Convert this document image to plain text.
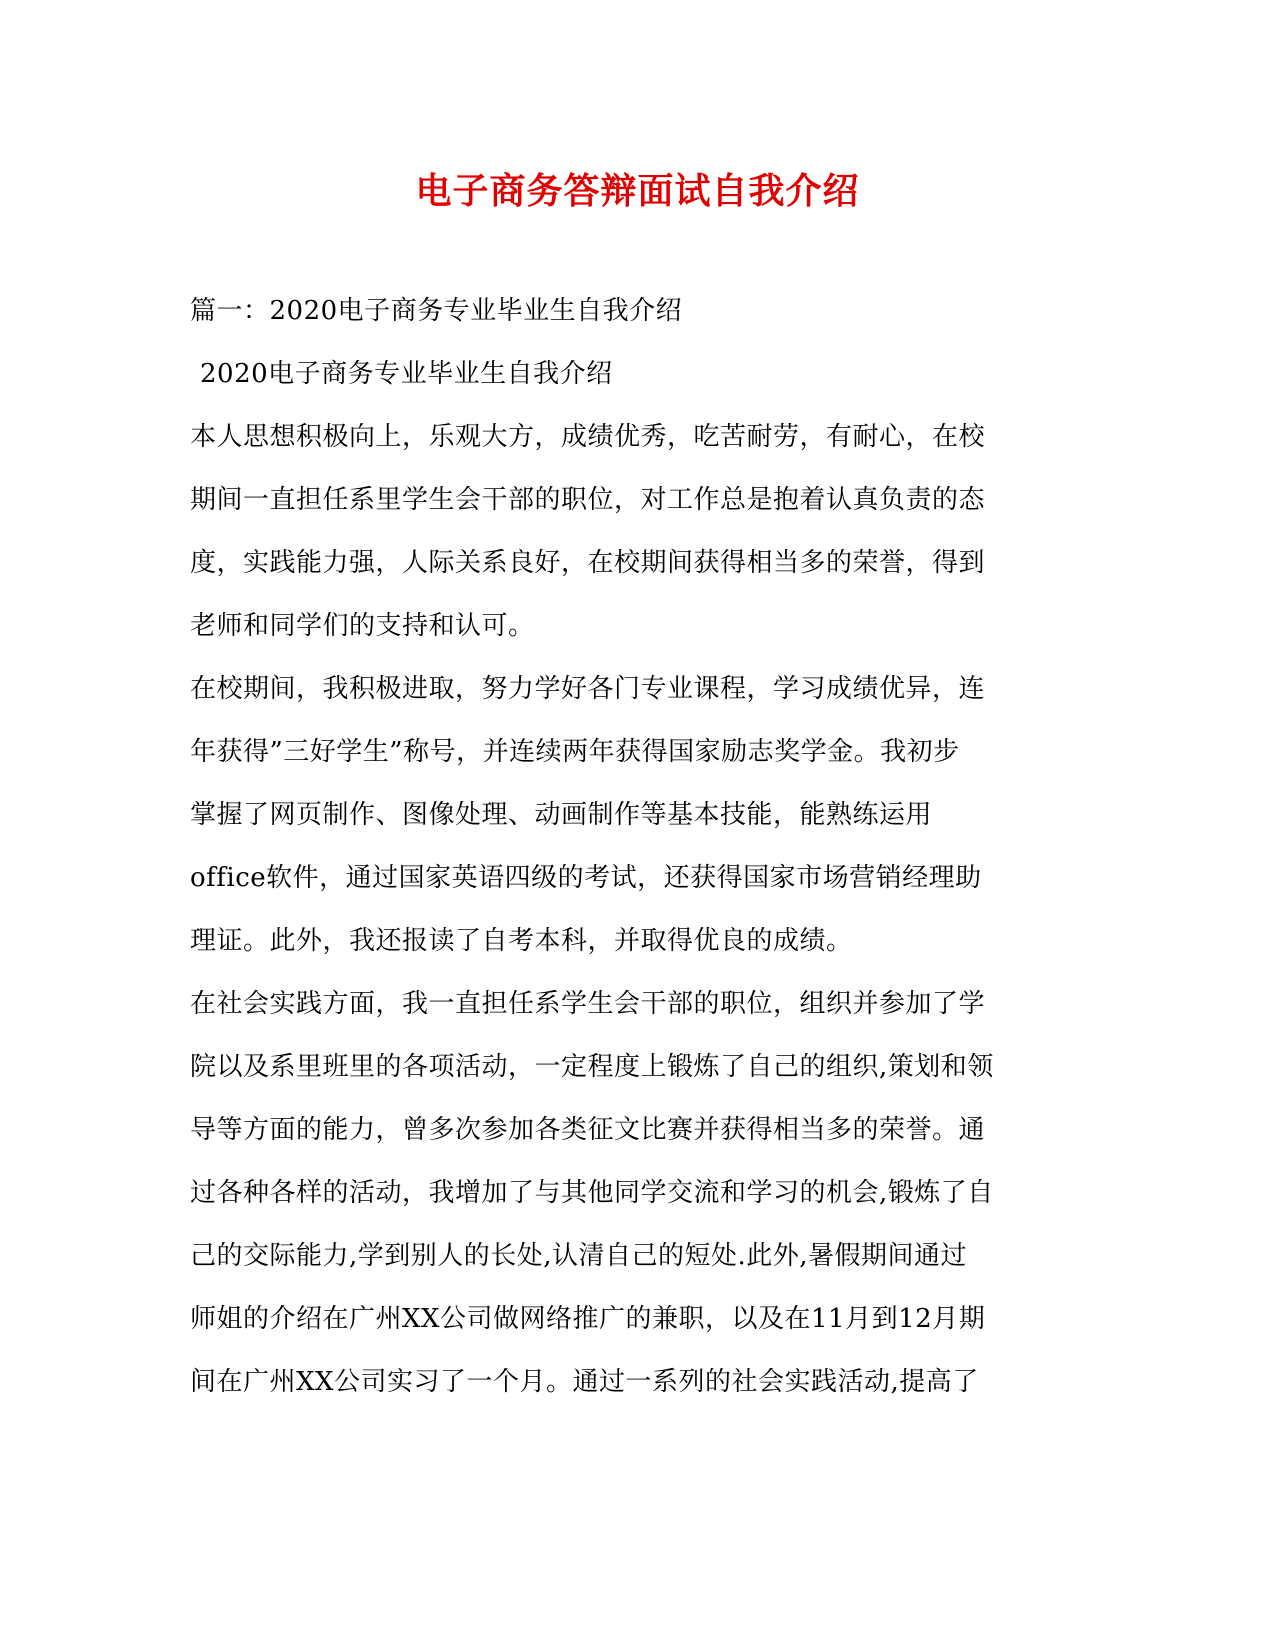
电子商务答辩面试自我介绍
篇一：2020电子商务专业毕业生自我介绍
2020电子商务专业毕业生自我介绍
本人思想积极向上，乐观大方，成绩优秀，吃苦耐劳，有耐心，在校
期间一直担任系里学生会干部的职位，对工作总是抱着认真负责的态
度，实践能力强，人际关系良好，在校期间获得相当多的荣誉，得到
老师和同学们的支持和认可。
在校期间，我积极进取，努力学好各门专业课程，学习成绩优异，连
年获得”三好学生”称号，并连续两年获得国家励志奖学金。我初步
掌握了网页制作、图像处理、动画制作等基本技能，能熟练运用
office软件，通过国家英语四级的考试，还获得国家市场营销经理助
理证。此外，我还报读了自考本科，并取得优良的成绩。
在社会实践方面，我一直担任系学生会干部的职位，组织并参加了学
院以及系里班里的各项活动，一定程度上锻炼了自己的组织,策划和领
导等方面的能力，曾多次参加各类征文比赛并获得相当多的荣誉。通
过各种各样的活动，我增加了与其他同学交流和学习的机会,锻炼了自
己的交际能力,学到别人的长处,认清自己的短处.此外,暑假期间通过
师姐的介绍在广州XX公司做网络推广的兼职，以及在11月到12月期
间在广州XX公司实习了一个月。通过一系列的社会实践活动,提高了
